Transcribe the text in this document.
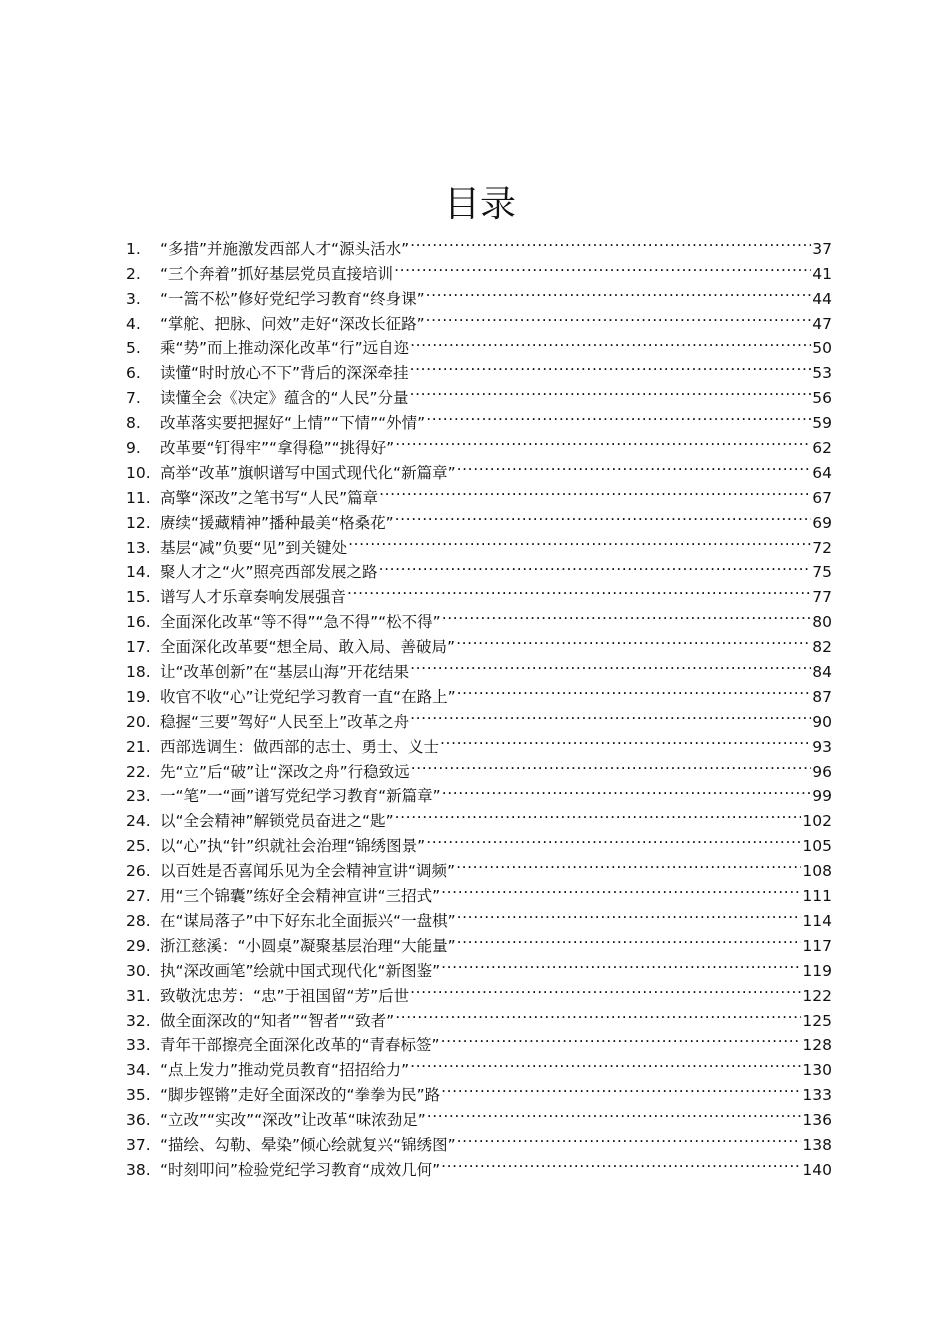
目录
1.	“多措”并施激发西部人才“源头活水” .....	37
2.	“三个奔着”抓好基层党员直接培训 .....	41
3.	“一篙不松”修好党纪学习教育“终身课” .....	44
4.	“掌舵、把脉、问效”走好“深改长征路” .....	47
5.	乘“势”而上推动深化改革“行”远自迩 .....	50
6.	读懂“时时放心不下”背后的深深牵挂 .....	53
7.	读懂全会《决定》蕴含的“人民”分量 .....	56
8.	改革落实要把握好“上情”“下情”“外情” .....	59
9.	改革要“钉得牢”“拿得稳”“挑得好” .....	62
10. 高举“改革”旗帜谱写中国式现代化“新篇章” .....	64
11. 高擎“深改”之笔书写“人民”篇章 .....	67
12. 赓续“援藏精神”播种最美“格桑花” .....	69
13. 基层“减”负要“见”到关键处 .....	72
14. 聚人才之“火”照亮西部发展之路 .....	75
15. 谱写人才乐章奏响发展强音 .....	77
16. 全面深化改革“等不得”“急不得”“松不得” .....	80
17. 全面深化改革要“想全局、敢入局、善破局” .....	82
18. 让“改革创新”在“基层山海”开花结果 .....	84
19. 收官不收“心”让党纪学习教育一直“在路上” .....	87
20. 稳握“三要”驾好“人民至上”改革之舟 .....	90
21. 西部选调生：做西部的志士、勇士、义士 .....	93
22. 先“立”后“破”让“深改之舟”行稳致远 .....	96
23. 一“笔”一“画”谱写党纪学习教育“新篇章” .....	99
24. 以“全会精神”解锁党员奋进之“匙” .....	102
25. 以“心”执“针”织就社会治理“锦绣图景” .....	105
26. 以百姓是否喜闻乐见为全会精神宣讲“调频” .....	108
27. 用“三个锦囊”练好全会精神宣讲“三招式” .....	111
28. 在“谋局落子”中下好东北全面振兴“一盘棋” .....	114
29. 浙江慈溪：“小圆桌”凝聚基层治理“大能量” .....	117
30. 执“深改画笔”绘就中国式现代化“新图鉴” .....	119
31. 致敬沈忠芳：“忠”于祖国留“芳”后世 .....	122
32. 做全面深改的“知者”“智者”“致者” .....	125
33. 青年干部擦亮全面深化改革的“青春标签” .....	128
34. “点上发力”推动党员教育“招招给力” .....	130
35. “脚步铿锵”走好全面深改的“拳拳为民”路 .....	133
36. “立改”“实改”“深改”让改革“味浓劲足” .....	136
37. “描绘、勾勒、晕染”倾心绘就复兴“锦绣图” .....	138
38. “时刻叩问”检验党纪学习教育“成效几何” .....	140
